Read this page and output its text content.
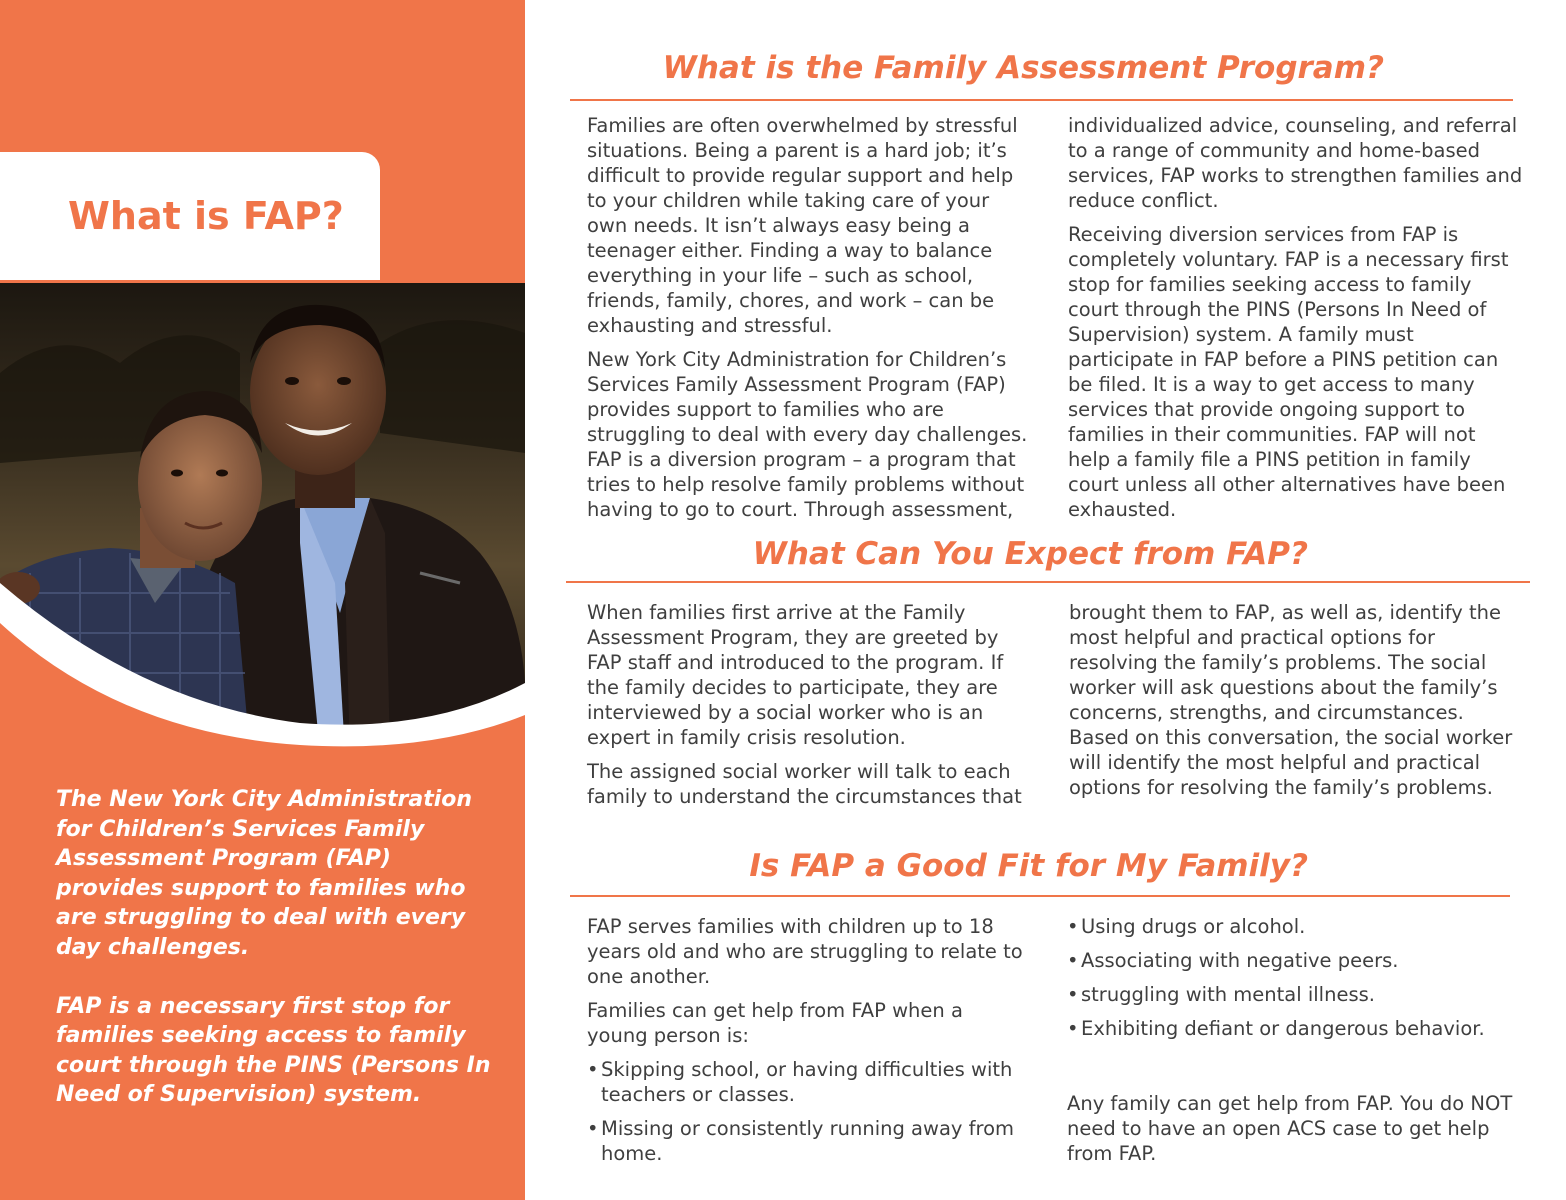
What is FAP?

The New York City Administration for Children’s Services Family Assessment Program (FAP) provides support to families who are struggling to deal with every day challenges.

FAP is a necessary first stop for families seeking access to family court through the PINS (Persons In Need of Supervision) system.

What is the Family Assessment Program?

Families are often overwhelmed by stressful situations. Being a parent is a hard job; it’s difficult to provide regular support and help to your children while taking care of your own needs. It isn’t always easy being a teenager either. Finding a way to balance everything in your life – such as school, friends, family, chores, and work – can be exhausting and stressful.

New York City Administration for Children’s Services Family Assessment Program (FAP) provides support to families who are struggling to deal with every day challenges. FAP is a diversion program – a program that tries to help resolve family problems without having to go to court. Through assessment,

individualized advice, counseling, and referral to a range of community and home-based services, FAP works to strengthen families and reduce conflict.

Receiving diversion services from FAP is completely voluntary. FAP is a necessary first stop for families seeking access to family court through the PINS (Persons In Need of Supervision) system. A family must participate in FAP before a PINS petition can be filed. It is a way to get access to many services that provide ongoing support to families in their communities. FAP will not help a family file a PINS petition in family court unless all other alternatives have been exhausted.

What Can You Expect from FAP?

When families first arrive at the Family Assessment Program, they are greeted by FAP staff and introduced to the program. If the family decides to participate, they are interviewed by a social worker who is an expert in family crisis resolution.

The assigned social worker will talk to each family to understand the circumstances that

brought them to FAP, as well as, identify the most helpful and practical options for resolving the family’s problems. The social worker will ask questions about the family’s concerns, strengths, and circumstances. Based on this conversation, the social worker will identify the most helpful and practical options for resolving the family’s problems.

Is FAP a Good Fit for My Family?

FAP serves families with children up to 18 years old and who are struggling to relate to one another.

Families can get help from FAP when a young person is:

• Skipping school, or having difficulties with teachers or classes.
• Missing or consistently running away from home.
• Using drugs or alcohol.
• Associating with negative peers.
• struggling with mental illness.
• Exhibiting defiant or dangerous behavior.

Any family can get help from FAP. You do NOT need to have an open ACS case to get help from FAP.
